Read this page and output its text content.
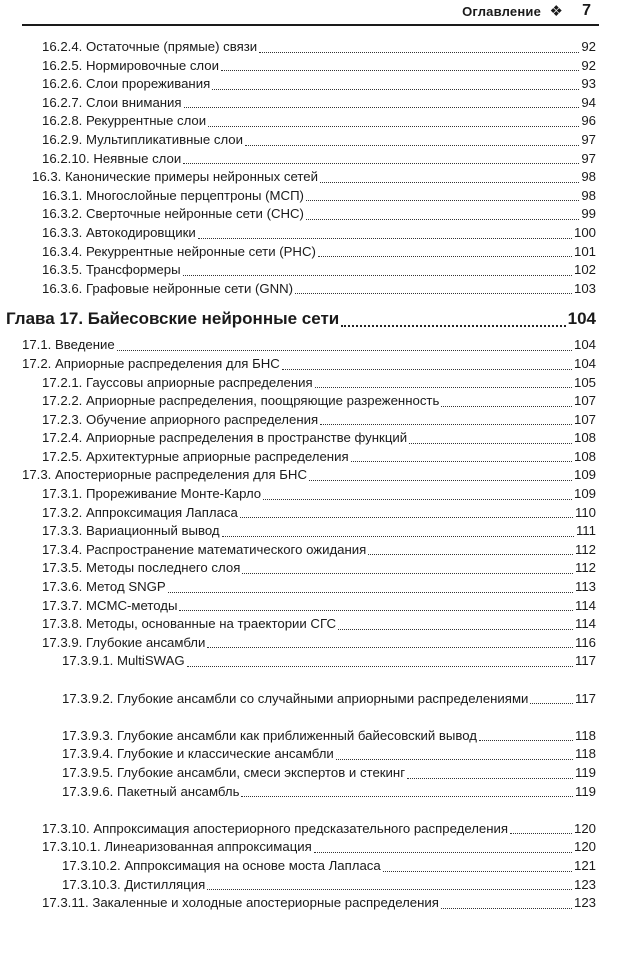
Оглавление ❖ 7
16.2.4. Остаточные (прямые) связи	92
16.2.5. Нормировочные слои	92
16.2.6. Слои прореживания	93
16.2.7. Слои внимания	94
16.2.8. Рекуррентные слои	96
16.2.9. Мультипликативные слои	97
16.2.10. Неявные слои	97
16.3. Канонические примеры нейронных сетей	98
16.3.1. Многослойные перцептроны (МСП)	98
16.3.2. Сверточные нейронные сети (СНС)	99
16.3.3. Автокодировщики	100
16.3.4. Рекуррентные нейронные сети (РНС)	101
16.3.5. Трансформеры	102
16.3.6. Графовые нейронные сети (GNN)	103
Глава 17. Байесовские нейронные сети	104
17.1. Введение	104
17.2. Априорные распределения для БНС	104
17.2.1. Гауссовы априорные распределения	105
17.2.2. Априорные распределения, поощряющие разреженность	107
17.2.3. Обучение априорного распределения	107
17.2.4. Априорные распределения в пространстве функций	108
17.2.5. Архитектурные априорные распределения	108
17.3. Апостериорные распределения для БНС	109
17.3.1. Прореживание Монте-Карло	109
17.3.2. Аппроксимация Лапласа	110
17.3.3. Вариационный вывод	111
17.3.4. Распространение математического ожидания	112
17.3.5. Методы последнего слоя	112
17.3.6. Метод SNGP	113
17.3.7. MCMC-методы	114
17.3.8. Методы, основанные на траектории СГС	114
17.3.9. Глубокие ансамбли	116
17.3.9.1. MultiSWAG	117
17.3.9.2. Глубокие ансамбли со случайными априорными распределениями	117
17.3.9.3. Глубокие ансамбли как приближенный байесовский вывод	118
17.3.9.4. Глубокие и классические ансамбли	118
17.3.9.5. Глубокие ансамбли, смеси экспертов и стекинг	119
17.3.9.6. Пакетный ансамбль	119
17.3.10. Аппроксимация апостериорного предсказательного распределения	120
17.3.10.1. Линеаризованная аппроксимация	120
17.3.10.2. Аппроксимация на основе моста Лапласа	121
17.3.10.3. Дистилляция	123
17.3.11. Закаленные и холодные апостериорные распределения	123
